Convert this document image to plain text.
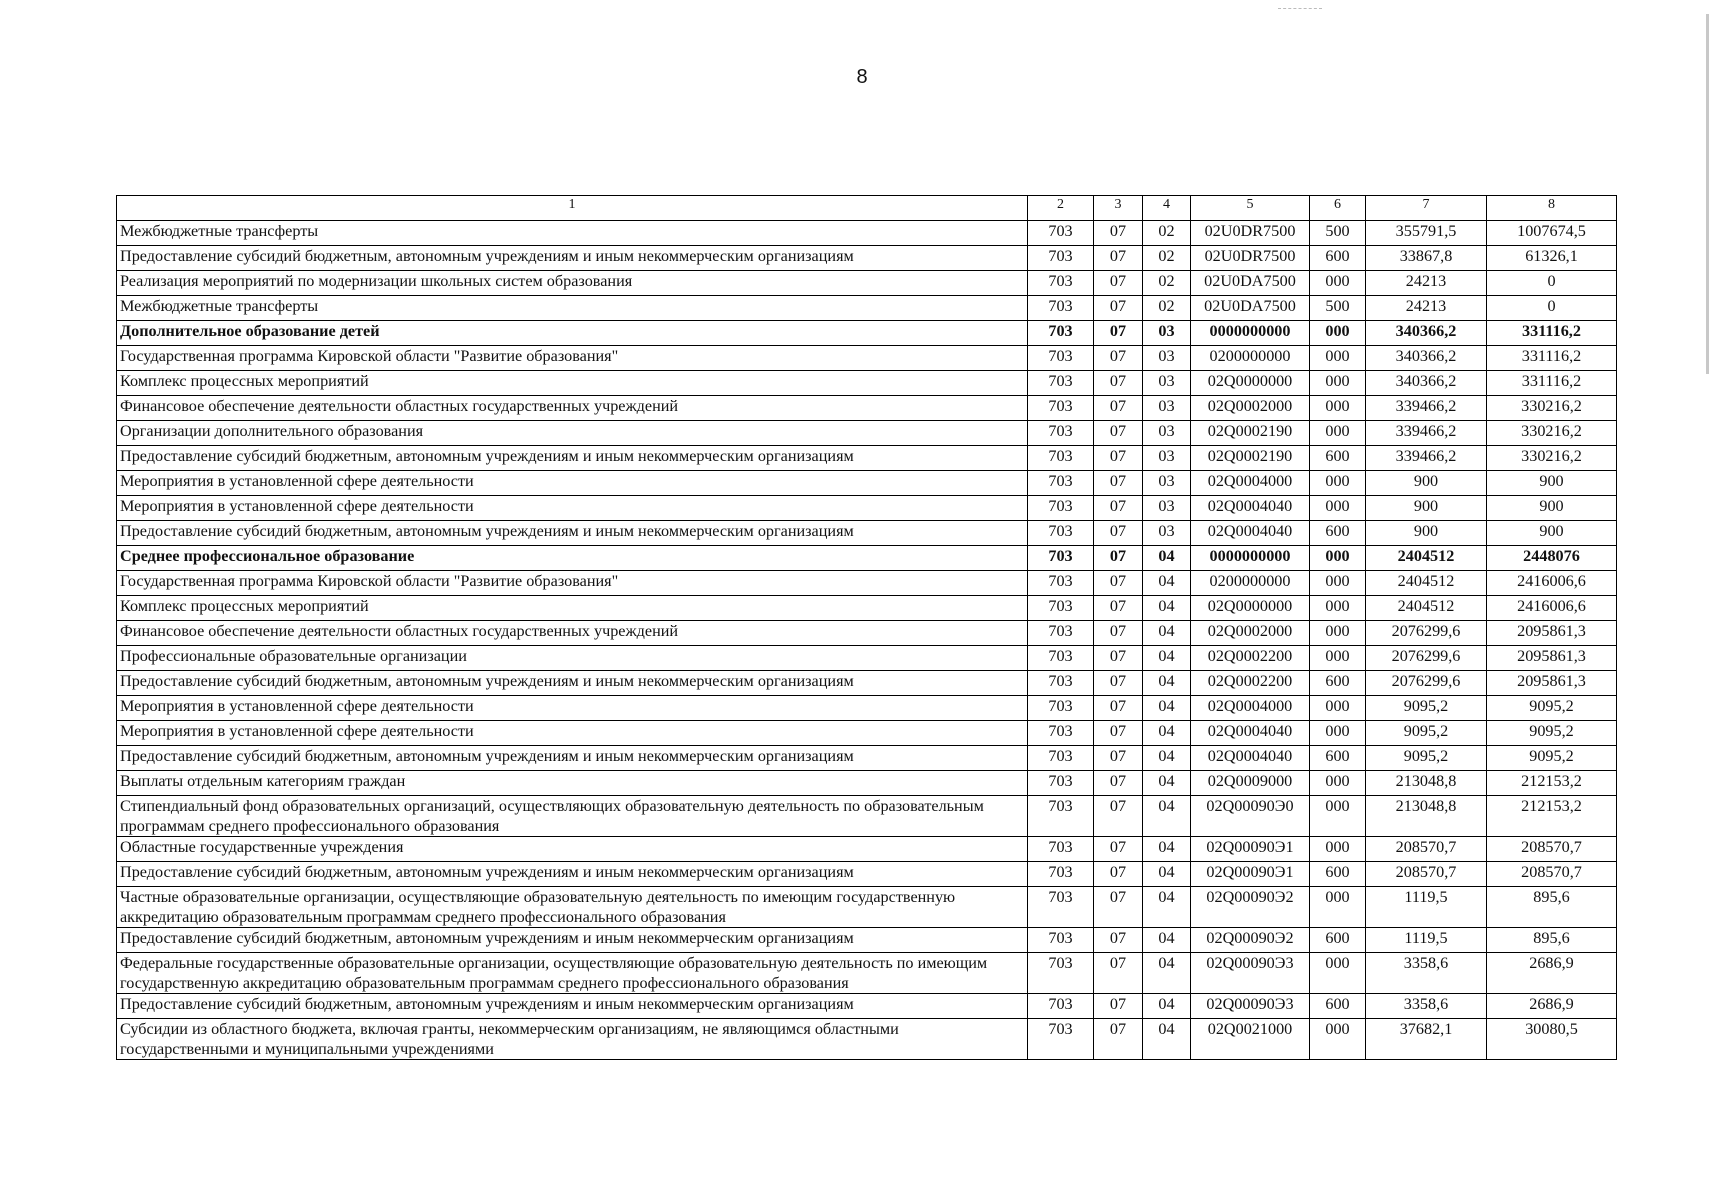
8
1	2	3	4	5	6	7	8
Межбюджетные трансферты	703	07	02	02U0DR7500	500	355791,5	1007674,5
Предоставление субсидий бюджетным, автономным учреждениям и иным некоммерческим организациям	703	07	02	02U0DR7500	600	33867,8	61326,1
Реализация мероприятий по модернизации школьных систем образования	703	07	02	02U0DA7500	000	24213	0
Межбюджетные трансферты	703	07	02	02U0DA7500	500	24213	0
Дополнительное образование детей	703	07	03	0000000000	000	340366,2	331116,2
Государственная программа Кировской области "Развитие образования"	703	07	03	0200000000	000	340366,2	331116,2
Комплекс процессных мероприятий	703	07	03	02Q0000000	000	340366,2	331116,2
Финансовое обеспечение деятельности областных государственных учреждений	703	07	03	02Q0002000	000	339466,2	330216,2
Организации дополнительного образования	703	07	03	02Q0002190	000	339466,2	330216,2
Предоставление субсидий бюджетным, автономным учреждениям и иным некоммерческим организациям	703	07	03	02Q0002190	600	339466,2	330216,2
Мероприятия в установленной сфере деятельности	703	07	03	02Q0004000	000	900	900
Мероприятия в установленной сфере деятельности	703	07	03	02Q0004040	000	900	900
Предоставление субсидий бюджетным, автономным учреждениям и иным некоммерческим организациям	703	07	03	02Q0004040	600	900	900
Среднее профессиональное образование	703	07	04	0000000000	000	2404512	2448076
Государственная программа Кировской области "Развитие образования"	703	07	04	0200000000	000	2404512	2416006,6
Комплекс процессных мероприятий	703	07	04	02Q0000000	000	2404512	2416006,6
Финансовое обеспечение деятельности областных государственных учреждений	703	07	04	02Q0002000	000	2076299,6	2095861,3
Профессиональные образовательные организации	703	07	04	02Q0002200	000	2076299,6	2095861,3
Предоставление субсидий бюджетным, автономным учреждениям и иным некоммерческим организациям	703	07	04	02Q0002200	600	2076299,6	2095861,3
Мероприятия в установленной сфере деятельности	703	07	04	02Q0004000	000	9095,2	9095,2
Мероприятия в установленной сфере деятельности	703	07	04	02Q0004040	000	9095,2	9095,2
Предоставление субсидий бюджетным, автономным учреждениям и иным некоммерческим организациям	703	07	04	02Q0004040	600	9095,2	9095,2
Выплаты отдельным категориям граждан	703	07	04	02Q0009000	000	213048,8	212153,2
Стипендиальный фонд образовательных организаций, осуществляющих образовательную деятельность по образовательным программам среднего профессионального образования	703	07	04	02Q00090Э0	000	213048,8	212153,2
Областные государственные учреждения	703	07	04	02Q00090Э1	000	208570,7	208570,7
Предоставление субсидий бюджетным, автономным учреждениям и иным некоммерческим организациям	703	07	04	02Q00090Э1	600	208570,7	208570,7
Частные образовательные организации, осуществляющие образовательную деятельность по имеющим государственную аккредитацию образовательным программам среднего профессионального образования	703	07	04	02Q00090Э2	000	1119,5	895,6
Предоставление субсидий бюджетным, автономным учреждениям и иным некоммерческим организациям	703	07	04	02Q00090Э2	600	1119,5	895,6
Федеральные государственные образовательные организации, осуществляющие образовательную деятельность по имеющим государственную аккредитацию образовательным программам среднего профессионального образования	703	07	04	02Q00090Э3	000	3358,6	2686,9
Предоставление субсидий бюджетным, автономным учреждениям и иным некоммерческим организациям	703	07	04	02Q00090Э3	600	3358,6	2686,9
Субсидии из областного бюджета, включая гранты, некоммерческим организациям, не являющимся областными государственными и муниципальными учреждениями	703	07	04	02Q0021000	000	37682,1	30080,5
